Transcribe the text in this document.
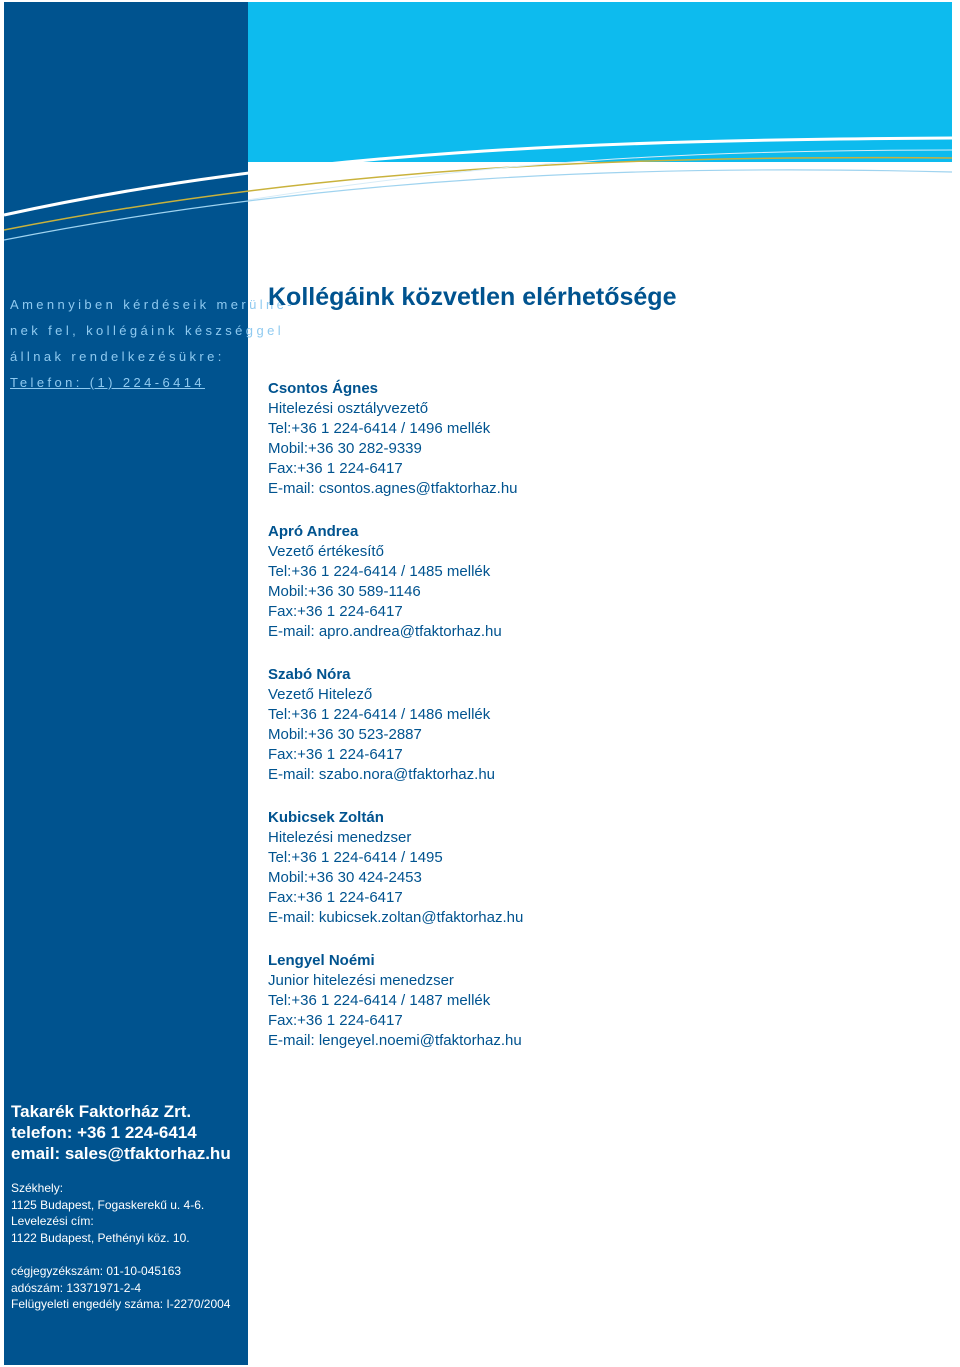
Amennyiben kérdéseik merülné-
nek fel, kollégáink készséggel
állnak rendelkezésükre:
Telefon: (1) 224-6414
Kollégáink közvetlen elérhetősége
Csontos Ágnes
Hitelezési osztályvezető
Tel:+36 1 224-6414 / 1496 mellék
Mobil:+36 30 282-9339
Fax:+36 1 224-6417
E-mail: csontos.agnes@tfaktorhaz.hu
Apró Andrea
Vezető értékesítő
Tel:+36 1 224-6414 / 1485 mellék
Mobil:+36 30 589-1146
Fax:+36 1 224-6417
E-mail: apro.andrea@tfaktorhaz.hu
Szabó Nóra
Vezető Hitelező
Tel:+36 1 224-6414 / 1486 mellék
Mobil:+36 30 523-2887
Fax:+36 1 224-6417
E-mail: szabo.nora@tfaktorhaz.hu
Kubicsek Zoltán
Hitelezési menedzser
Tel:+36 1 224-6414 / 1495
Mobil:+36 30 424-2453
Fax:+36 1 224-6417
E-mail: kubicsek.zoltan@tfaktorhaz.hu
Lengyel Noémi
Junior hitelezési menedzser
Tel:+36 1 224-6414 / 1487 mellék
Fax:+36 1 224-6417
E-mail: lengeyel.noemi@tfaktorhaz.hu
Takarék Faktorház Zrt.
telefon: +36 1 224-6414
email: sales@tfaktorhaz.hu
Székhely:
1125 Budapest, Fogaskerekű u. 4-6.
Levelezési cím:
1122 Budapest, Pethényi köz. 10.
cégjegyzékszám: 01-10-045163
adószám: 13371971-2-4
Felügyeleti engedély száma: I-2270/2004
